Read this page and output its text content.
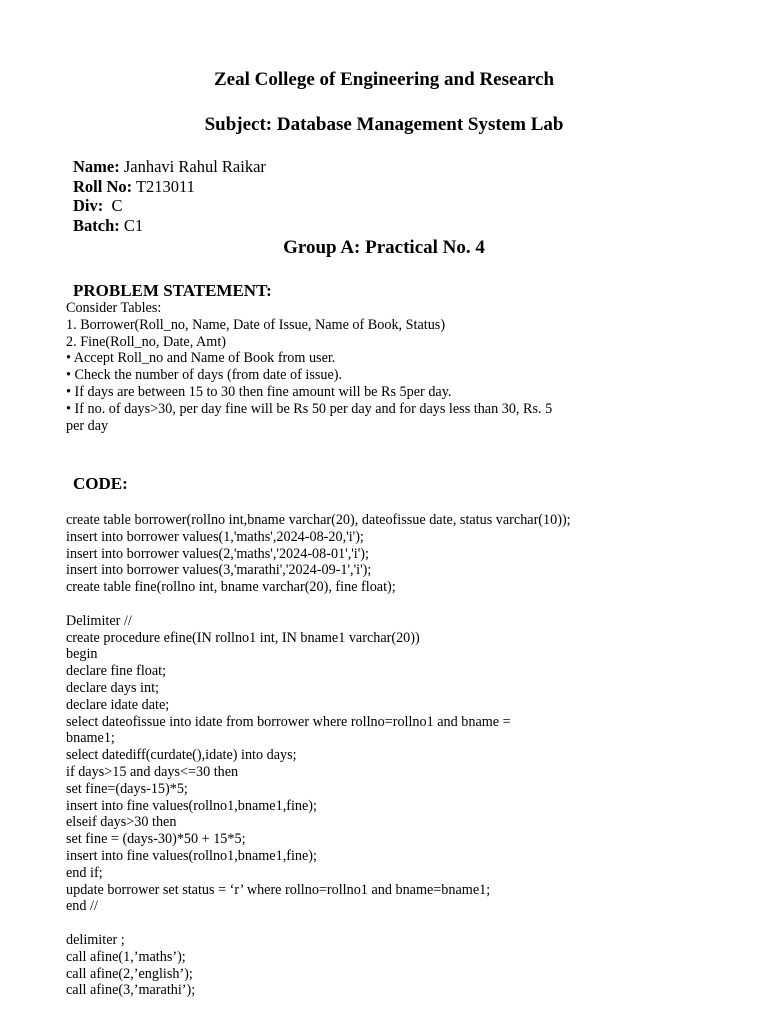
Zeal College of Engineering and Research
Subject: Database Management System Lab
Name: Janhavi Rahul Raikar
Roll No: T213011
Div:  C
Batch: C1
Group A: Practical No. 4
PROBLEM STATEMENT:
Consider Tables:
1. Borrower(Roll_no, Name, Date of Issue, Name of Book, Status)
2. Fine(Roll_no, Date, Amt)
• Accept Roll_no and Name of Book from user.
• Check the number of days (from date of issue).
• If days are between 15 to 30 then fine amount will be Rs 5per day.
• If no. of days>30, per day fine will be Rs 50 per day and for days less than 30, Rs. 5
per day
CODE:
create table borrower(rollno int,bname varchar(20), dateofissue date, status varchar(10));
insert into borrower values(1,'maths',2024-08-20,'i');
insert into borrower values(2,'maths','2024-08-01','i');
insert into borrower values(3,'marathi','2024-09-1','i');
create table fine(rollno int, bname varchar(20), fine float);
Delimiter //
create procedure efine(IN rollno1 int, IN bname1 varchar(20))
begin
declare fine float;
declare days int;
declare idate date;
select dateofissue into idate from borrower where rollno=rollno1 and bname =
bname1;
select datediff(curdate(),idate) into days;
if days>15 and days<=30 then
set fine=(days-15)*5;
insert into fine values(rollno1,bname1,fine);
elseif days>30 then
set fine = (days-30)*50 + 15*5;
insert into fine values(rollno1,bname1,fine);
end if;
update borrower set status = ‘r’ where rollno=rollno1 and bname=bname1;
end //
delimiter ;
call afine(1,’maths’);
call afine(2,’english’);
call afine(3,’marathi’);
